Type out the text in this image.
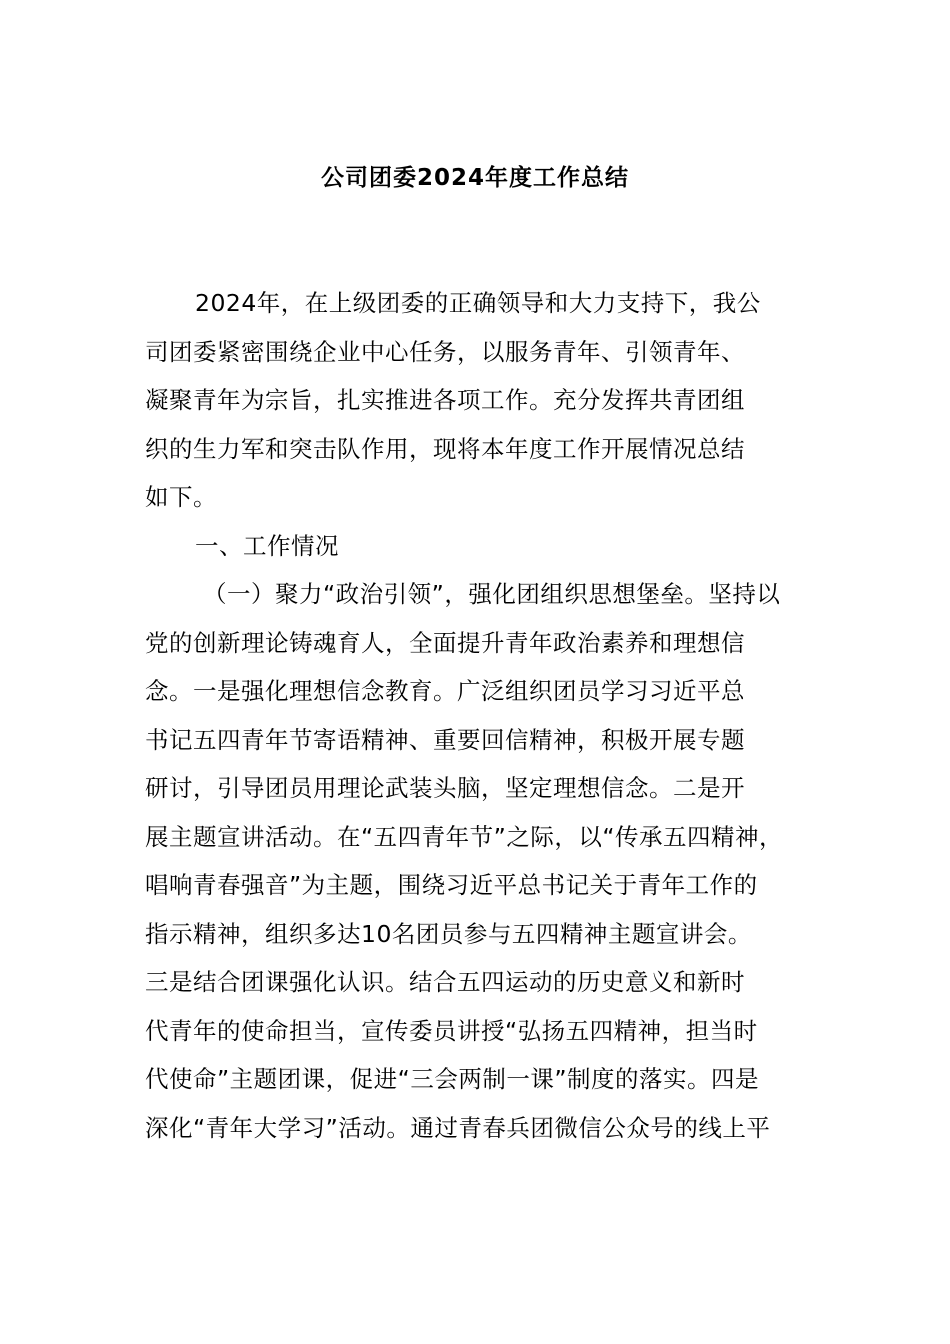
公司团委2024年度工作总结
2024年，在上级团委的正确领导和大力支持下，我公
司团委紧密围绕企业中心任务，以服务青年、引领青年、
凝聚青年为宗旨，扎实推进各项工作。充分发挥共青团组
织的生力军和突击队作用，现将本年度工作开展情况总结
如下。
一、工作情况
（一）聚力“政治引领”，强化团组织思想堡垒。坚持以
党的创新理论铸魂育人，全面提升青年政治素养和理想信
念。一是强化理想信念教育。广泛组织团员学习习近平总
书记五四青年节寄语精神、重要回信精神，积极开展专题
研讨，引导团员用理论武装头脑，坚定理想信念。二是开
展主题宣讲活动。在“五四青年节”之际，以“传承五四精神，
唱响青春强音”为主题，围绕习近平总书记关于青年工作的
指示精神，组织多达10名团员参与五四精神主题宣讲会。
三是结合团课强化认识。结合五四运动的历史意义和新时
代青年的使命担当，宣传委员讲授“弘扬五四精神，担当时
代使命”主题团课，促进“三会两制一课”制度的落实。四是
深化“青年大学习”活动。通过青春兵团微信公众号的线上平
